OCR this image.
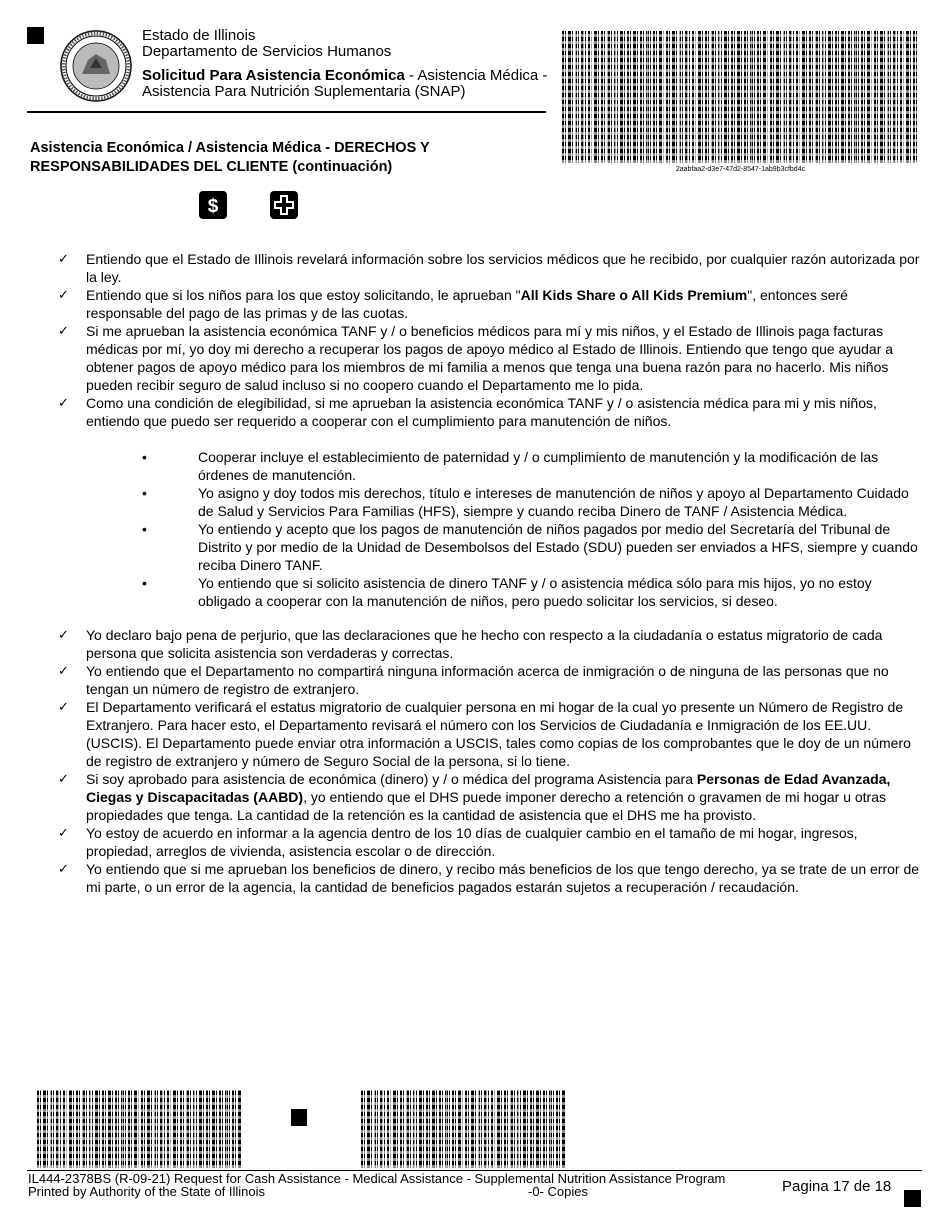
Estado de Illinois
Departamento de Servicios Humanos
Solicitud Para Asistencia Económica - Asistencia Médica -Asistencia Para Nutrición Suplementaria (SNAP)
2aabfaa2-d3e7-47d2-8547-1ab9b3cfbd4c
Asistencia Económica / Asistencia Médica - DERECHOS Y RESPONSABILIDADES DEL CLIENTE (continuación)
$
✓ Entiendo que el Estado de Illinois revelará información sobre los servicios médicos que he recibido, por cualquier razón autorizada por la ley.
✓ Entiendo que si los niños para los que estoy solicitando, le aprueban "All Kids Share o All Kids Premium", entonces seré responsable del pago de las primas y de las cuotas.
✓ Si me aprueban la asistencia económica TANF y / o beneficios médicos para mí y mis niños, y el Estado de Illinois paga facturas médicas por mí, yo doy mi derecho a recuperar los pagos de apoyo médico al Estado de Illinois. Entiendo que tengo que ayudar a obtener pagos de apoyo médico para los miembros de mi familia a menos que tenga una buena razón para no hacerlo. Mis niños pueden recibir seguro de salud incluso si no coopero cuando el Departamento me lo pida.
✓ Como una condición de elegibilidad, si me aprueban la asistencia económica TANF y / o asistencia médica para mi y mis niños, entiendo que puedo ser requerido a cooperar con el cumplimiento para manutención de niños.
•	Cooperar incluye el establecimiento de paternidad y / o cumplimiento de manutención y la modificación de las órdenes de manutención.
•	Yo asigno y doy todos mis derechos, título e intereses de manutención de niños y apoyo al Departamento Cuidado de Salud y Servicios Para Familias (HFS), siempre y cuando reciba Dinero de TANF / Asistencia Médica.
•	Yo entiendo y acepto que los pagos de manutención de niños pagados por medio del Secretaría del Tribunal de Distrito y por medio de la Unidad de Desembolsos del Estado (SDU) pueden ser enviados a HFS, siempre y cuando reciba Dinero TANF.
•	Yo entiendo que si solicito asistencia de dinero TANF y / o asistencia médica sólo para mis hijos, yo no estoy obligado a cooperar con la manutención de niños, pero puedo solicitar los servicios, si deseo.
✓ Yo declaro bajo pena de perjurio, que las declaraciones que he hecho con respecto a la ciudadanía o estatus migratorio de cada persona que solicita asistencia son verdaderas y correctas.
✓ Yo entiendo que el Departamento no compartirá ninguna información acerca de inmigración o de ninguna de las personas que no tengan un número de registro de extranjero.
✓ El Departamento verificará el estatus migratorio de cualquier persona en mi hogar de la cual yo presente un Número de Registro de Extranjero. Para hacer esto, el Departamento revisará el número con los Servicios de Ciudadanía e Inmigración de los EE.UU. (USCIS). El Departamento puede enviar otra información a USCIS, tales como copias de los comprobantes que le doy de un número de registro de extranjero y número de Seguro Social de la persona, si lo tiene.
✓ Si soy aprobado para asistencia de económica (dinero) y / o médica del programa Asistencia para Personas de Edad Avanzada, Ciegas y Discapacitadas (AABD), yo entiendo que el DHS puede imponer derecho a retención o gravamen de mi hogar u otras propiedades que tenga. La cantidad de la retención es la cantidad de asistencia que el DHS me ha provisto.
✓ Yo estoy de acuerdo en informar a la agencia dentro de los 10 días de cualquier cambio en el tamaño de mi hogar, ingresos, propiedad, arreglos de vivienda, asistencia escolar o de dirección.
✓ Yo entiendo que si me aprueban los beneficios de dinero, y recibo más beneficios de los que tengo derecho, ya se trate de un error de mi parte, o un error de la agencia, la cantidad de beneficios pagados estarán sujetos a recuperación / recaudación.
IL444-2378BS (R-09-21) Request for Cash Assistance - Medical Assistance - Supplemental Nutrition Assistance Program
Printed by Authority of the State of Illinois	-0- Copies	Pagina 17 de 18
